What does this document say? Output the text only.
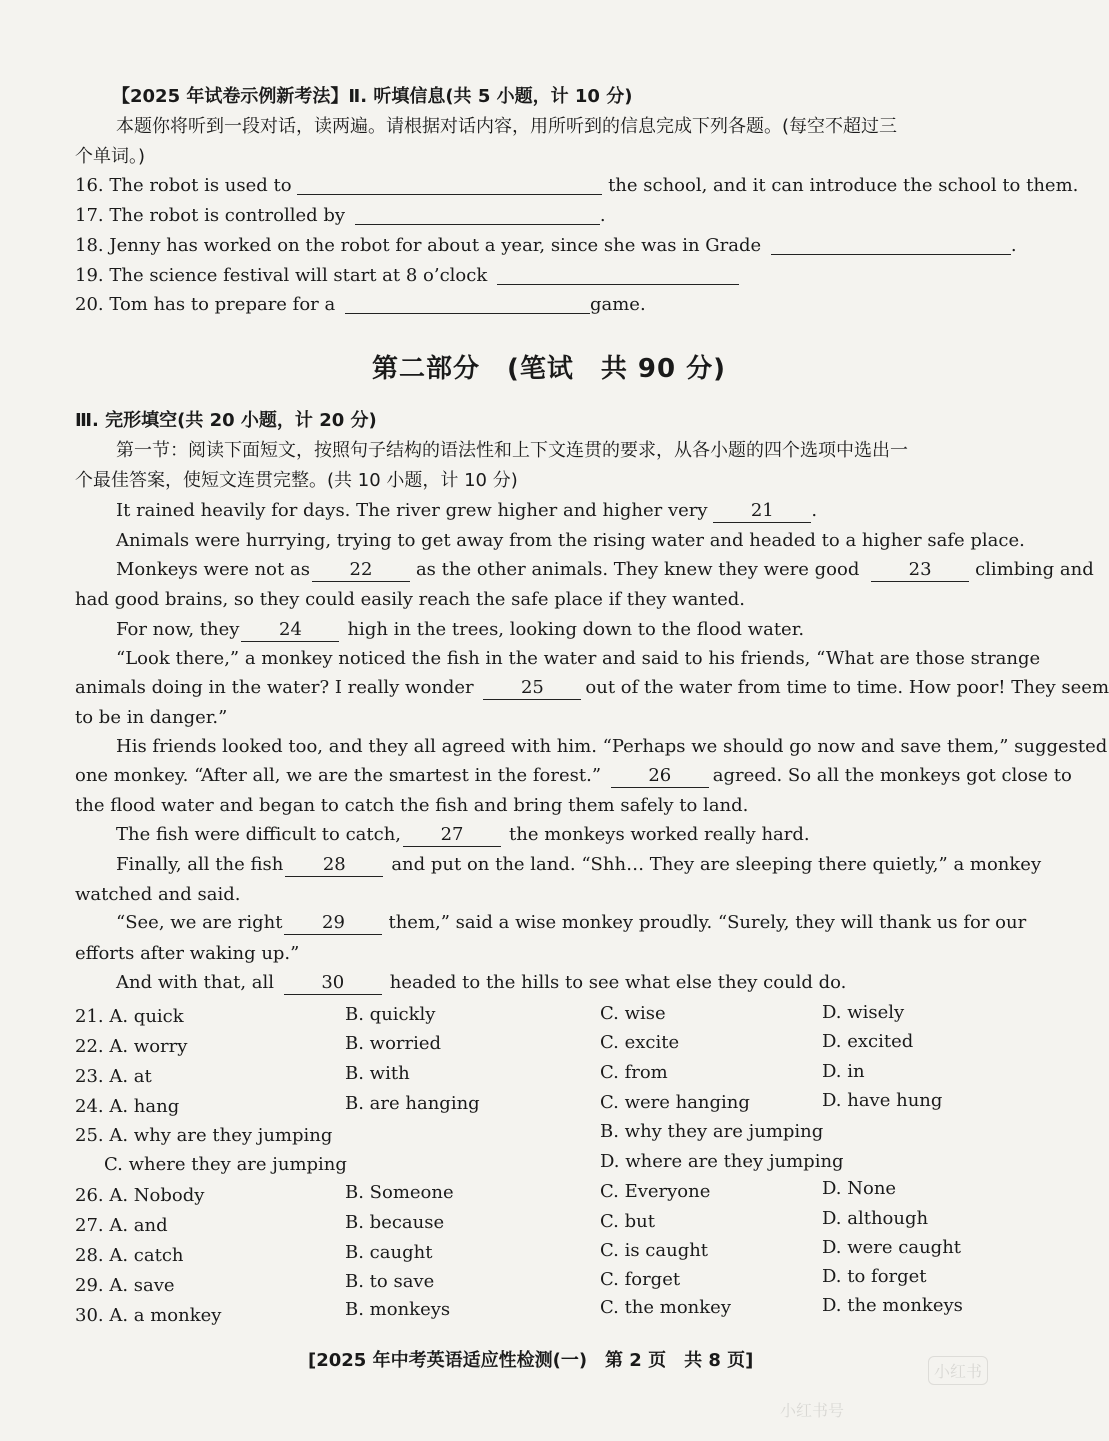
【2025 年试卷示例新考法】Ⅱ. 听填信息(共 5 小题，计 10 分)
本题你将听到一段对话，读两遍。请根据对话内容，用所听到的信息完成下列各题。(每空不超过三
个单词。)
16. The robot is used to	the school, and it can introduce the school to them.
17. The robot is controlled by	.
18. Jenny has worked on the robot for about a year, since she was in Grade	.
19. The science festival will start at 8 o’clock
20. Tom has to prepare for a	game.
第二部分　(笔试　共 90 分)
Ⅲ. 完形填空(共 20 小题，计 20 分)
第一节：阅读下面短文，按照句子结构的语法性和上下文连贯的要求，从各小题的四个选项中选出一
个最佳答案，使短文连贯完整。(共 10 小题，计 10 分)
It rained heavily for days. The river grew higher and higher very 21 .
Animals were hurrying, trying to get away from the rising water and headed to a higher safe place.
Monkeys were not as 22 as the other animals. They knew they were good	23 climbing and
had good brains, so they could easily reach the safe place if they wanted.
For now, they 24	high in the trees, looking down to the flood water.
“Look there,” a monkey noticed the fish in the water and said to his friends, “What are those strange
animals doing in the water? I really wonder	25 out of the water from time to time. How poor! They seem
to be in danger.”
His friends looked too, and they all agreed with him. “Perhaps we should go now and save them,” suggested
one monkey. “After all, we are the smartest in the forest.”	26 agreed. So all the monkeys got close to
the flood water and began to catch the fish and bring them safely to land.
The fish were difficult to catch, 27	the monkeys worked really hard.
Finally, all the fish 28	and put on the land. “Shh… They are sleeping there quietly,” a monkey
watched and said.
“See, we are right 29 them,” said a wise monkey proudly. “Surely, they will thank us for our
efforts after waking up.”
And with that, all	30	headed to the hills to see what else they could do.
21. A. quick	B. quickly	C. wise	D. wisely
22. A. worry	B. worried	C. excite	D. excited
23. A. at	B. with	C. from	D. in
24. A. hang	B. are hanging	C. were hanging	D. have hung
25. A. why are they jumping	B. why they are jumping
C. where they are jumping	D. where are they jumping
26. A. Nobody	B. Someone	C. Everyone	D. None
27. A. and	B. because	C. but	D. although
28. A. catch	B. caught	C. is caught	D. were caught
29. A. save	B. to save	C. forget	D. to forget
30. A. a monkey	B. monkeys	C. the monkey	D. the monkeys
[2025 年中考英语适应性检测(一)　第 2 页　共 8 页]
小红书
小红书号
